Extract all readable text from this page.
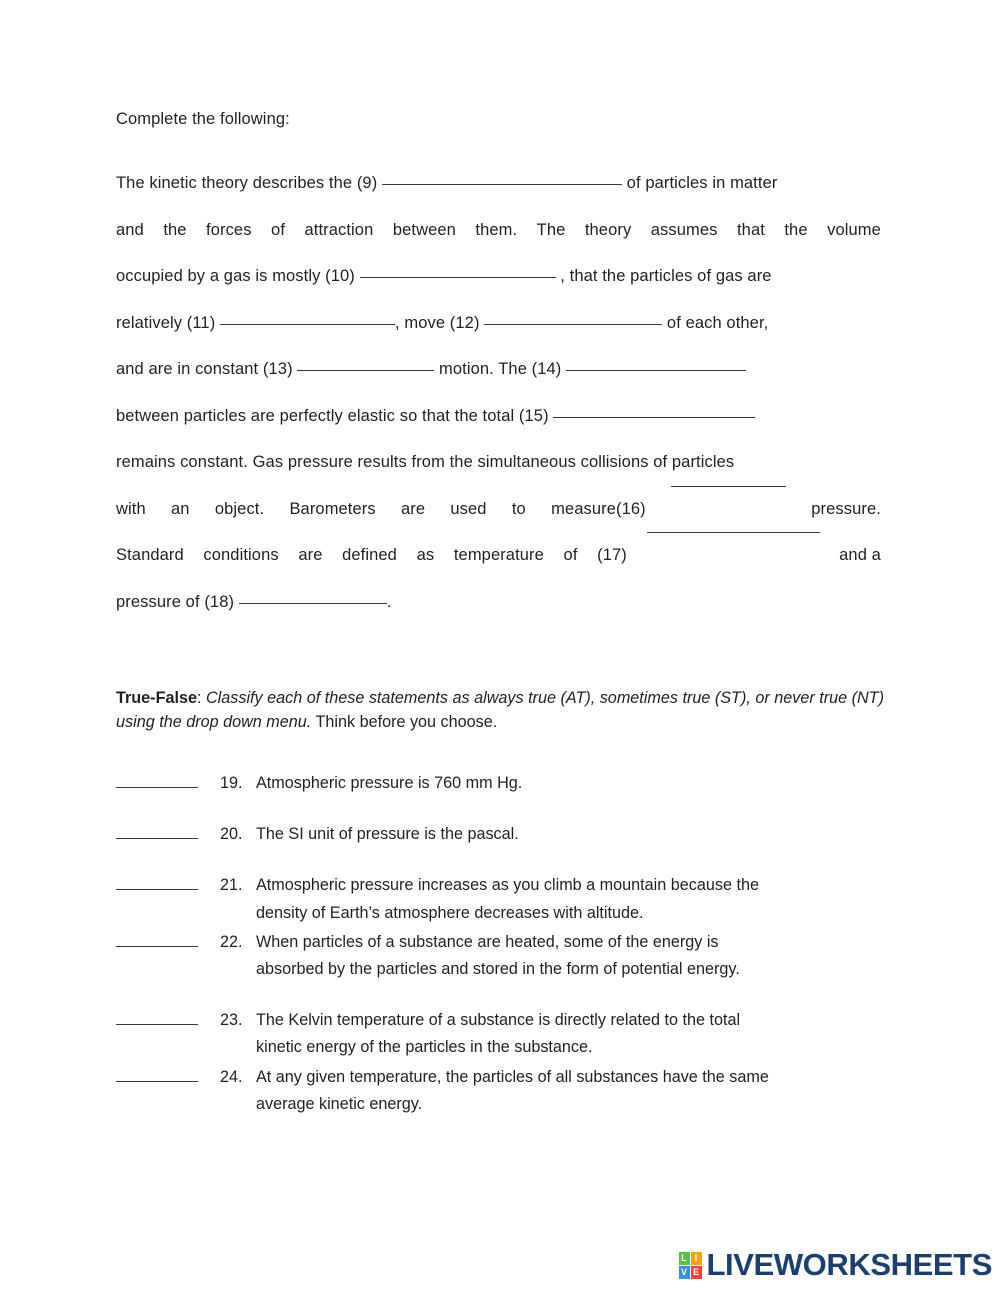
Complete the following:

The kinetic theory describes the (9)	of particles in matter
and the forces of attraction between them. The theory assumes that the volume
occupied by a gas is mostly (10)	, that the particles of gas are
relatively (11)	, move (12)	of each other,
and are in constant (13)	motion. The (14)
between particles are perfectly elastic so that the total (15)
remains constant. Gas pressure results from the simultaneous collisions of particles
with an object. Barometers are used to measure(16)	pressure.
Standard conditions are defined as temperature of (17)	and a
pressure of (18)	.
True-False: Classify each of these statements as always true (AT), sometimes true (ST), or never true (NT) using the drop down menu. Think before you choose.
19. Atmospheric pressure is 760 mm Hg.
20. The SI unit of pressure is the pascal.
21. Atmospheric pressure increases as you climb a mountain because the
density of Earth’s atmosphere decreases with altitude.
22. When particles of a substance are heated, some of the energy is
absorbed by the particles and stored in the form of potential energy.
23. The Kelvin temperature of a substance is directly related to the total
kinetic energy of the particles in the substance.
24. At any given temperature, the particles of all substances have the same
average kinetic energy.
L I
V E LIVEWORKSHEETS
